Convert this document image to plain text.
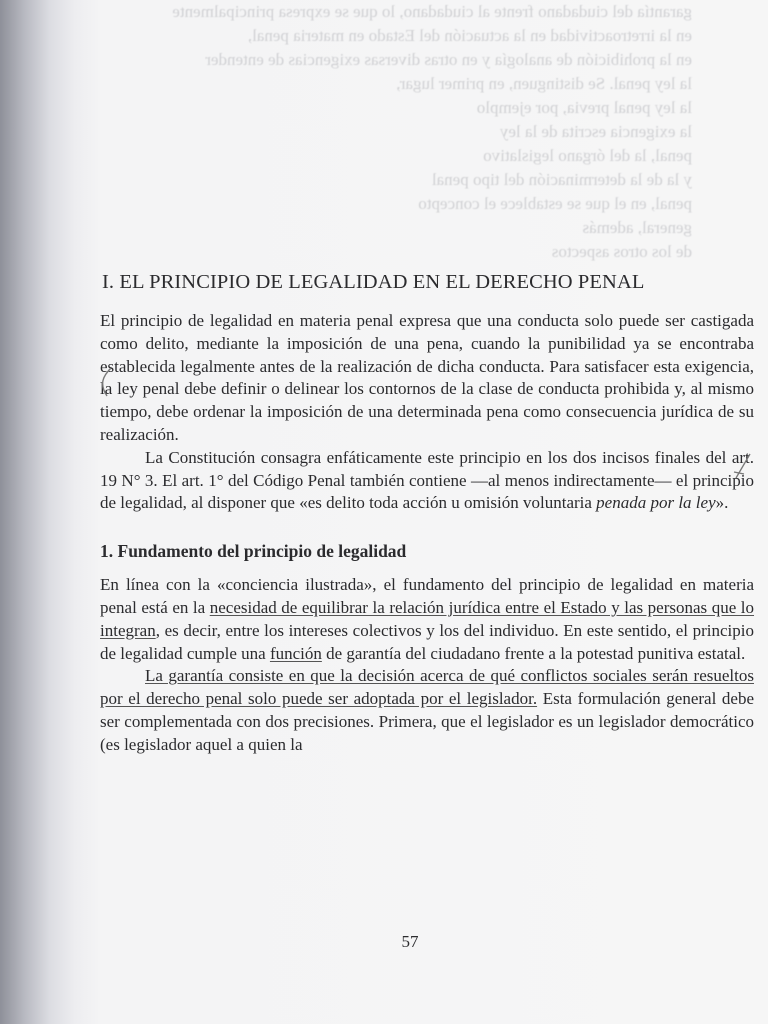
garantía del ciudadano frente al ciudadano, lo que se expresa principalmente
en la irretroactividad en la actuación del Estado en materia penal,
en la prohibición de analogía y en otras diversas exigencias de entender
la ley penal. Se distinguen, en primer lugar,
la ley penal previa, por ejemplo
la exigencia escrita de la ley
penal, la del órgano legislativo
y la de la determinación del tipo penal
penal, en el que se establece el concepto
general, además
de los otros aspectos
I. EL PRINCIPIO DE LEGALIDAD EN EL DERECHO PENAL

El principio de legalidad en materia penal expresa que una conducta solo puede ser castigada como delito, mediante la imposición de una pena, cuando la punibilidad ya se encontraba establecida legalmente antes de la realización de dicha conducta. Para satisfacer esta exigencia, la ley penal debe definir o delinear los contornos de la clase de conducta prohibida y, al mismo tiempo, debe ordenar la imposición de una determinada pena como consecuencia jurídica de su realización.

La Constitución consagra enfáticamente este principio en los dos incisos finales del art. 19 N° 3. El art. 1° del Código Penal también contiene —al menos indirectamente— el principio de legalidad, al disponer que «es delito toda acción u omisión voluntaria penada por la ley».

1. Fundamento del principio de legalidad

En línea con la «conciencia ilustrada», el fundamento del principio de legalidad en materia penal está en la necesidad de equilibrar la relación jurídica entre el Estado y las personas que lo integran, es decir, entre los intereses colectivos y los del individuo. En este sentido, el principio de legalidad cumple una función de garantía del ciudadano frente a la potestad punitiva estatal.

La garantía consiste en que la decisión acerca de qué conflictos sociales serán resueltos por el derecho penal solo puede ser adoptada por el legislador. Esta formulación general debe ser complementada con dos precisiones. Primera, que el legislador es un legislador democrático (es legislador aquel a quien la

57
